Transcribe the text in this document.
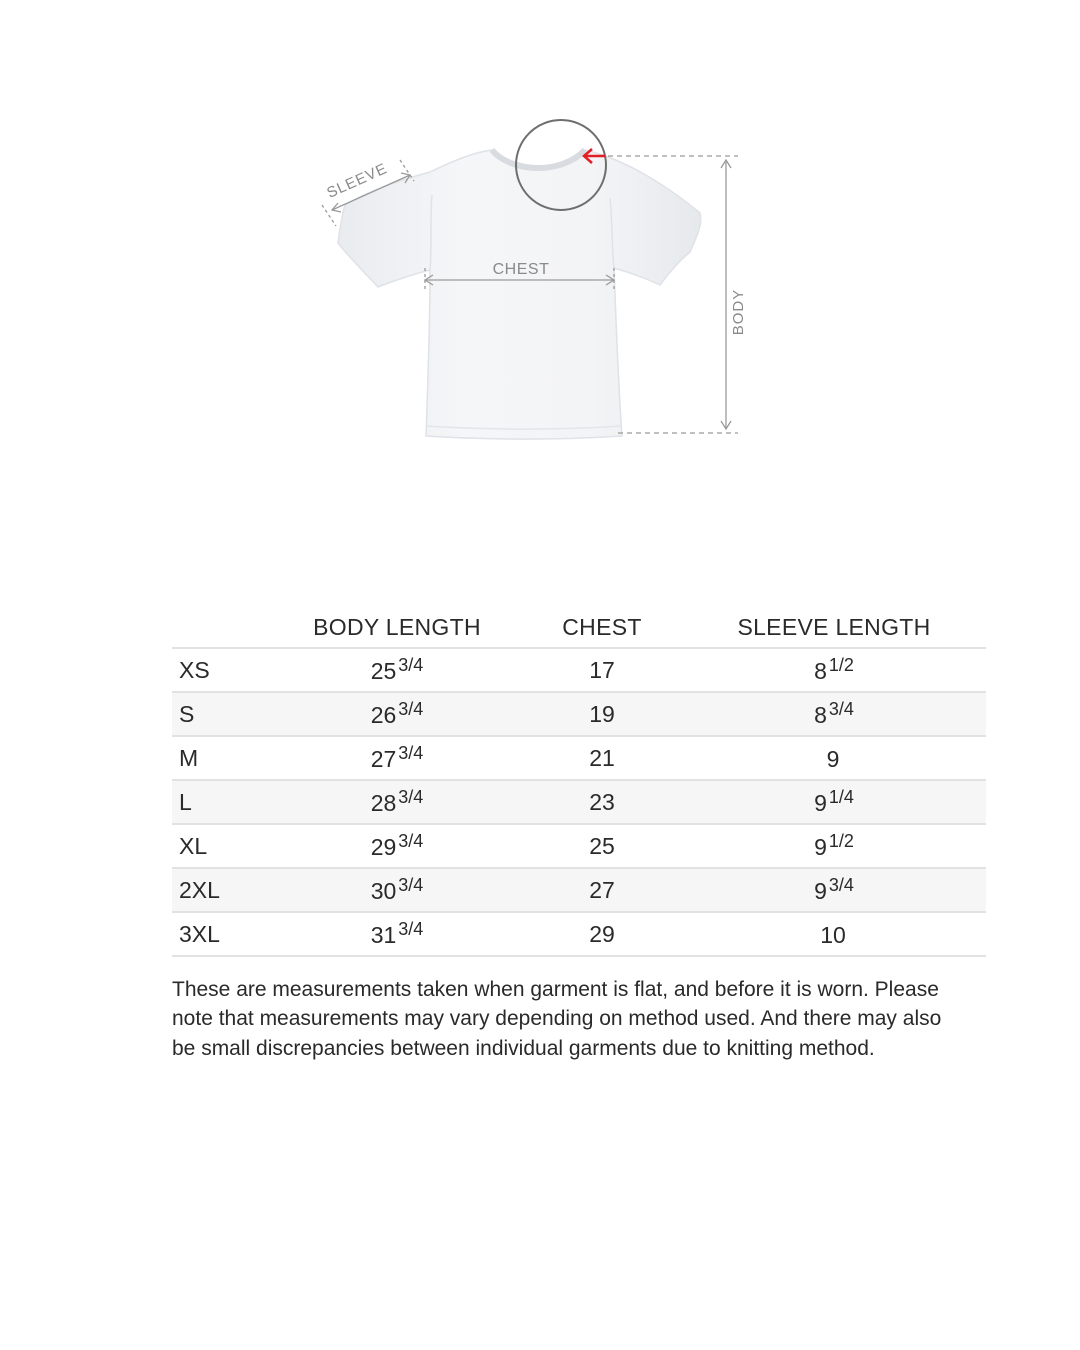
BODY
CHEST
SLEEVE
	BODY LENGTH	CHEST	SLEEVE LENGTH
XS	25 $^{3/4}$	17	8 $^{1/2}$
S	26 $^{3/4}$	19	8 $^{3/4}$
M	27 $^{3/4}$	21	9
L	28 $^{3/4}$	23	9 $^{1/4}$
XL	29 $^{3/4}$	25	9 $^{1/2}$
2XL	30 $^{3/4}$	27	9 $^{3/4}$
3XL	31 $^{3/4}$	29	10

These are measurements taken when garment is flat, and before it is worn. Please note that measurements may vary depending on method used. And there may also be small discrepancies between individual garments due to knitting method.
